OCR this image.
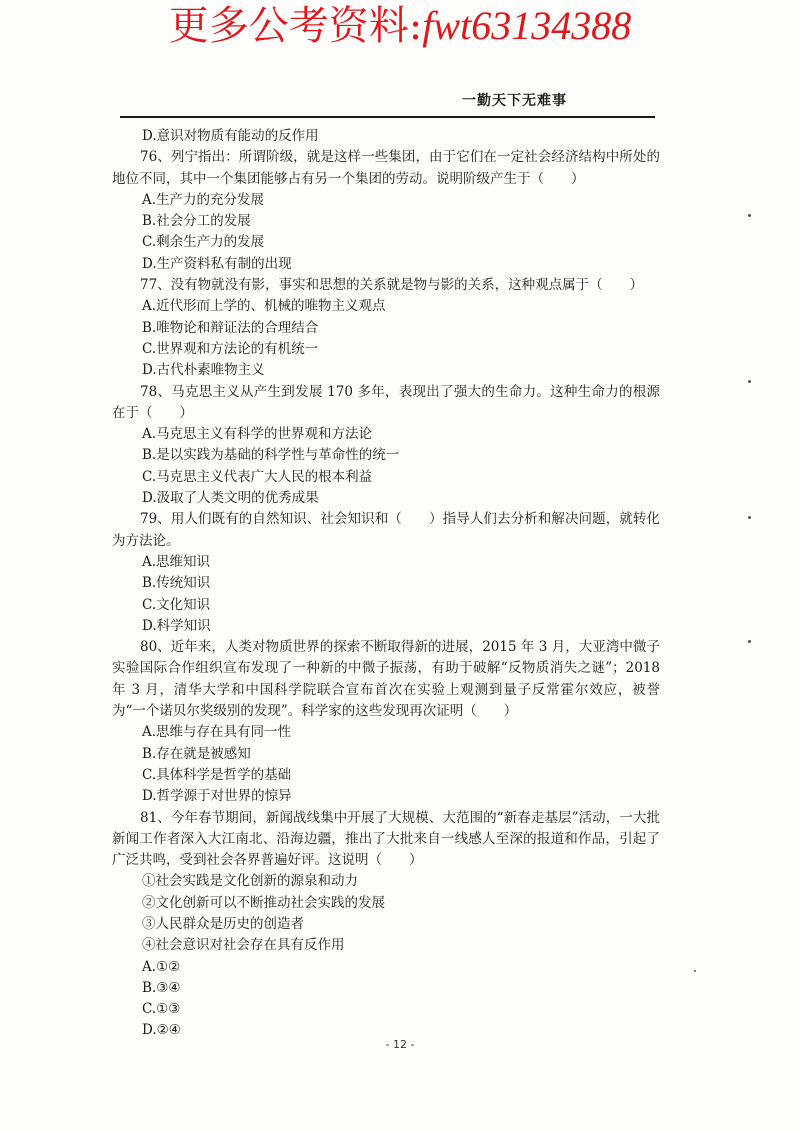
更多公考资料:fwt63134388
一勤天下无难事
D.意识对物质有能动的反作用
76、列宁指出：所谓阶级，就是这样一些集团，由于它们在一定社会经济结构中所处的地位不同，其中一个集团能够占有另一个集团的劳动。说明阶级产生于（　　）
A.生产力的充分发展
B.社会分工的发展
C.剩余生产力的发展
D.生产资料私有制的出现
77、没有物就没有影，事实和思想的关系就是物与影的关系，这种观点属于（　　）
A.近代形而上学的、机械的唯物主义观点
B.唯物论和辩证法的合理结合
C.世界观和方法论的有机统一
D.古代朴素唯物主义
78、马克思主义从产生到发展 170 多年，表现出了强大的生命力。这种生命力的根源在于（　　）
A.马克思主义有科学的世界观和方法论
B.是以实践为基础的科学性与革命性的统一
C.马克思主义代表广大人民的根本利益
D.汲取了人类文明的优秀成果
79、用人们既有的自然知识、社会知识和（　　）指导人们去分析和解决问题，就转化为方法论。
A.思维知识
B.传统知识
C.文化知识
D.科学知识
80、近年来，人类对物质世界的探索不断取得新的进展，2015 年 3 月，大亚湾中微子实验国际合作组织宣布发现了一种新的中微子振荡，有助于破解“反物质消失之谜”；2018 年 3 月，清华大学和中国科学院联合宣布首次在实验上观测到量子反常霍尔效应，被誉为“一个诺贝尔奖级别的发现”。科学家的这些发现再次证明（　　）
A.思维与存在具有同一性
B.存在就是被感知
C.具体科学是哲学的基础
D.哲学源于对世界的惊异
81、今年春节期间，新闻战线集中开展了大规模、大范围的“新春走基层”活动，一大批新闻工作者深入大江南北、沿海边疆，推出了大批来自一线感人至深的报道和作品，引起了广泛共鸣，受到社会各界普遍好评。这说明（　　）
①社会实践是文化创新的源泉和动力
②文化创新可以不断推动社会实践的发展
③人民群众是历史的创造者
④社会意识对社会存在具有反作用
A.①②
B.③④
C.①③
D.②④
- 12 -
